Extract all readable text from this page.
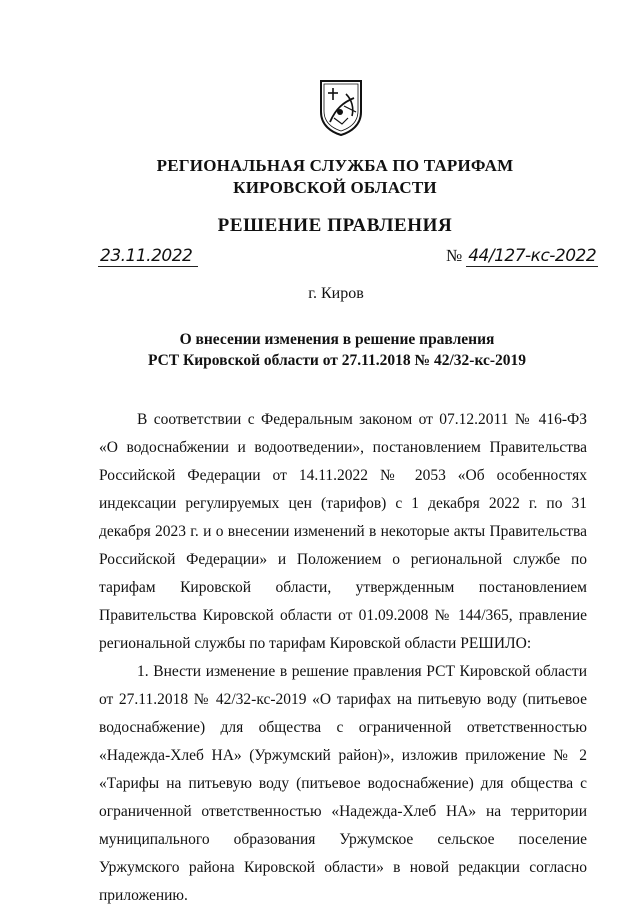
РЕГИОНАЛЬНАЯ СЛУЖБА ПО ТАРИФАМ
КИРОВСКОЙ ОБЛАСТИ
РЕШЕНИЕ ПРАВЛЕНИЯ
23.11.2022	№ 44/127-кс-2022
г. Киров
О внесении изменения в решение правления
РСТ Кировской области от 27.11.2018 № 42/32-кс-2019

В соответствии с Федеральным законом от 07.12.2011 № 416-ФЗ «О водоснабжении и водоотведении», постановлением Правительства Российской Федерации от 14.11.2022 № 2053 «Об особенностях индексации регулируемых цен (тарифов) с 1 декабря 2022 г. по 31 декабря 2023 г. и о внесении изменений в некоторые акты Правительства Российской Федерации» и Положением о региональной службе по тарифам Кировской области, утвержденным постановлением Правительства Кировской области от 01.09.2008 № 144/365, правление региональной службы по тарифам Кировской области РЕШИЛО:

1. Внести изменение в решение правления РСТ Кировской области от 27.11.2018 № 42/32-кс-2019 «О тарифах на питьевую воду (питьевое водоснабжение) для общества с ограниченной ответственностью «Надежда-Хлеб НА» (Уржумский район)», изложив приложение № 2 «Тарифы на питьевую воду (питьевое водоснабжение) для общества с ограниченной ответственностью «Надежда-Хлеб НА» на территории муниципального образования Уржумское сельское поселение Уржумского района Кировской области» в новой редакции согласно приложению.
